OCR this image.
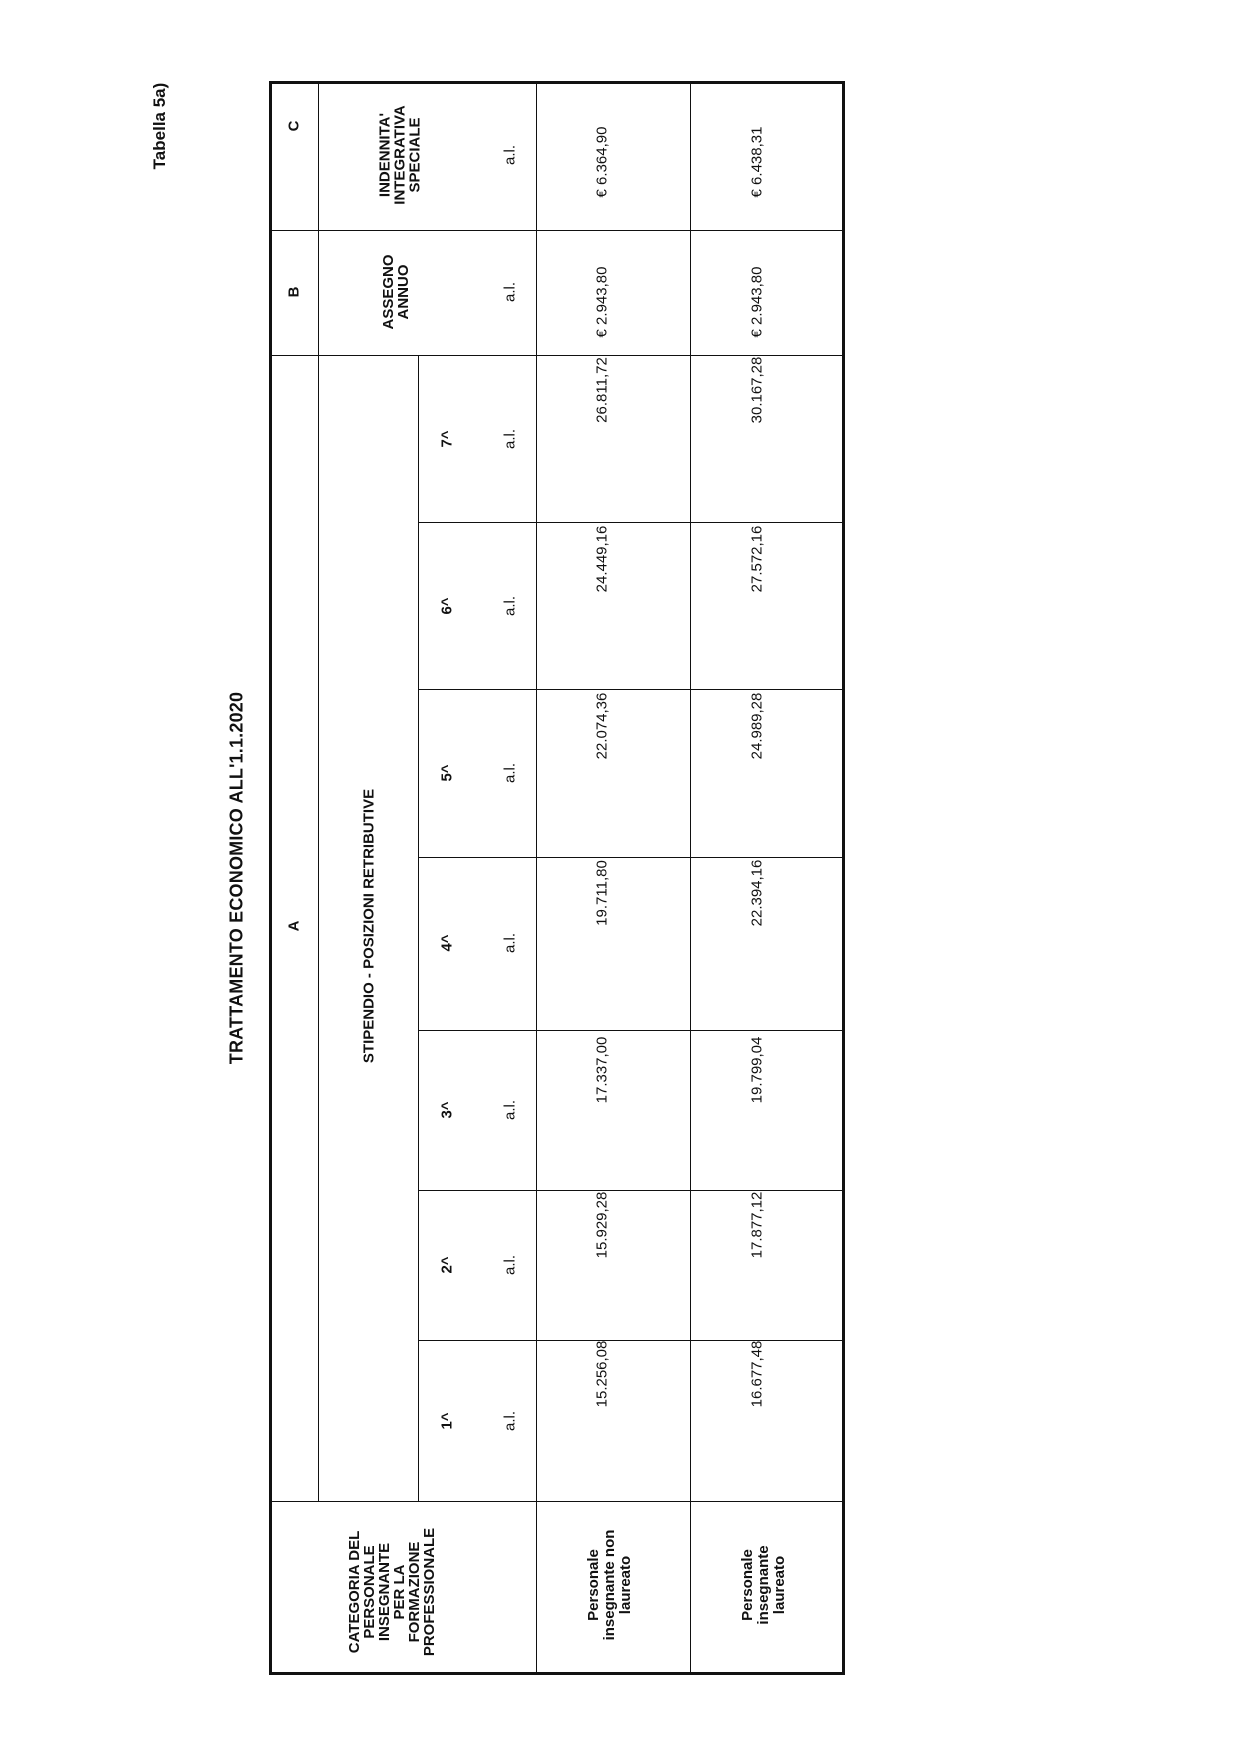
Tabella 5a)
TRATTAMENTO ECONOMICO ALL'1.1.2020
C
B
A
INDENNITA'
INTEGRATIVA
SPECIALE
ASSEGNO
ANNUO
STIPENDIO - POSIZIONI RETRIBUTIVE
CATEGORIA DEL
PERSONALE
INSEGNANTE
PER LA
FORMAZIONE
PROFESSIONALE
1^
2^
3^
4^
5^
6^
7^
a.l.
a.l.
a.l.
a.l.
a.l.
a.l.
a.l.
a.l.
a.l.
Personale insegnante non laureato
15.256,08
15.929,28
17.337,00
19.711,80
22.074,36
24.449,16
26.811,72
€ 2.943,80
€ 6.364,90
Personale insegnante laureato
16.677,48
17.877,12
19.799,04
22.394,16
24.989,28
27.572,16
30.167,28
€ 2.943,80
€ 6.438,31
